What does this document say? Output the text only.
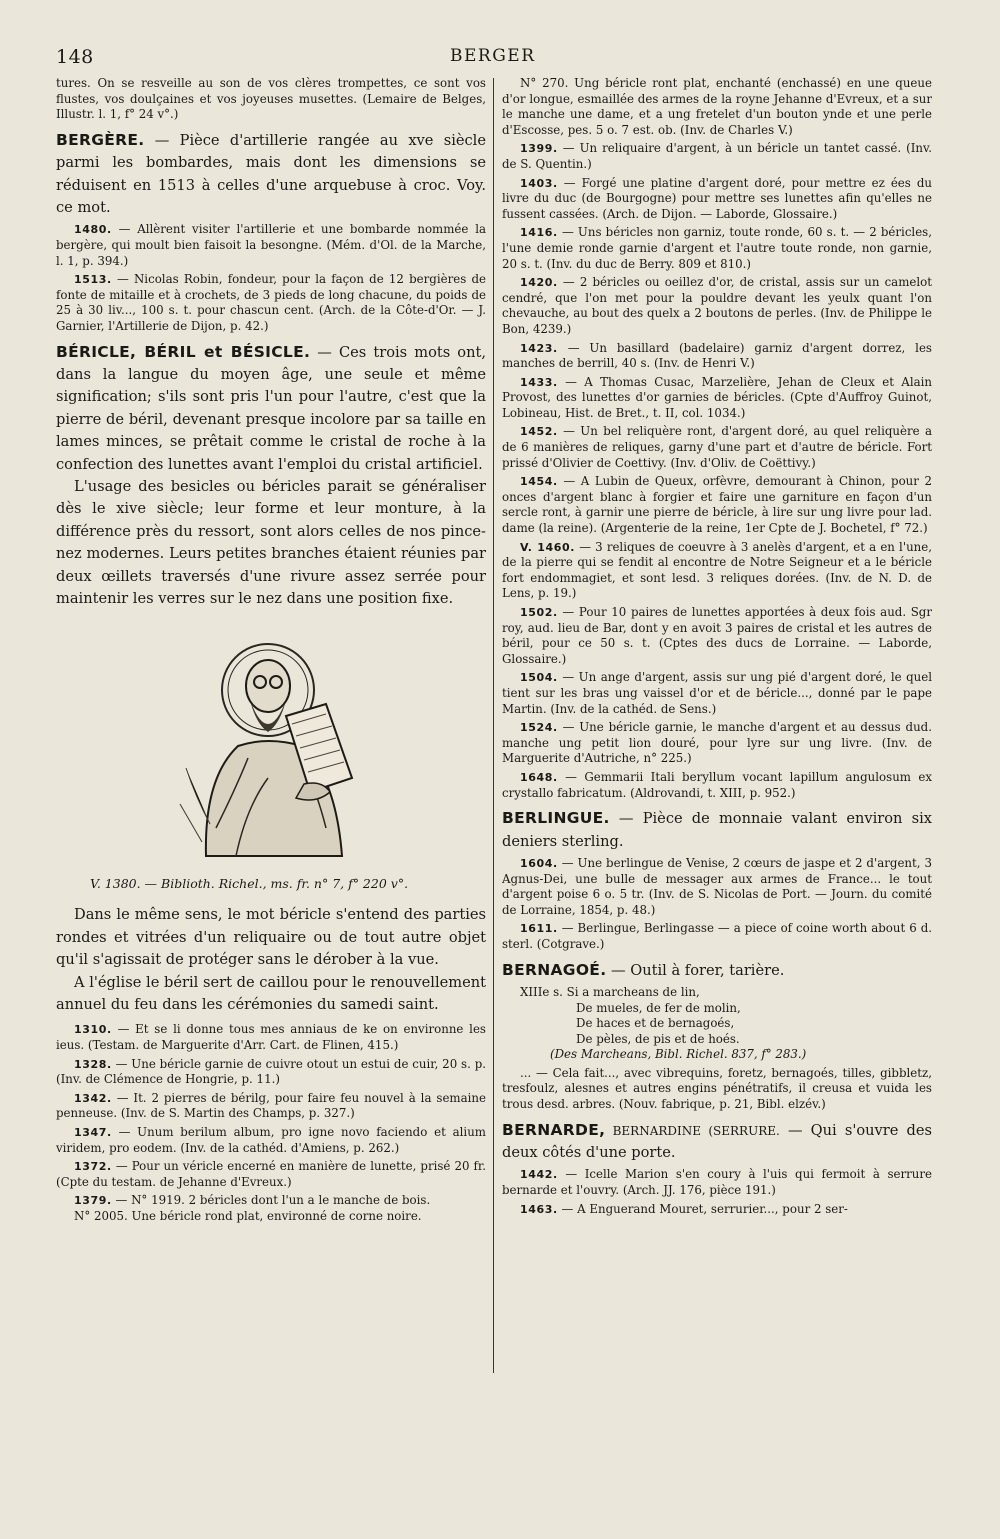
148	BERGER

tures. On se resveille au son de vos clères trompettes, ce sont vos flustes, vos doulçaines et vos joyeuses musettes. (Lemaire de Belges, Illustr. l. 1, f° 24 v°.)

BERGÈRE. — Pièce d'artillerie rangée au xve siècle parmi les bombardes, mais dont les dimensions se réduisent en 1513 à celles d'une arquebuse à croc. Voy. ce mot.

1480. — Allèrent visiter l'artillerie et une bombarde nommée la bergère, qui moult bien faisoit la besongne. (Mém. d'Ol. de la Marche, l. 1, p. 394.)

1513. — Nicolas Robin, fondeur, pour la façon de 12 bergières de fonte de mitaille et à crochets, de 3 pieds de long chacune, du poids de 25 à 30 liv..., 100 s. t. pour chascun cent. (Arch. de la Côte-d'Or. — J. Garnier, l'Artillerie de Dijon, p. 42.)

BÉRICLE, BÉRIL et BÉSICLE. — Ces trois mots ont, dans la langue du moyen âge, une seule et même signification; s'ils sont pris l'un pour l'autre, c'est que la pierre de béril, devenant presque incolore par sa taille en lames minces, se prêtait comme le cristal de roche à la confection des lunettes avant l'emploi du cristal artificiel.

L'usage des besicles ou béricles parait se généraliser dès le xive siècle; leur forme et leur monture, à la différence près du ressort, sont alors celles de nos pince-nez modernes. Leurs petites branches étaient réunies par deux œillets traversés d'une rivure assez serrée pour maintenir les verres sur le nez dans une position fixe.

V. 1380. — Biblioth. Richel., ms. fr. n° 7, f° 220 v°.

Dans le même sens, le mot béricle s'entend des parties rondes et vitrées d'un reliquaire ou de tout autre objet qu'il s'agissait de protéger sans le dérober à la vue.

A l'église le béril sert de caillou pour le renouvellement annuel du feu dans les cérémonies du samedi saint.

1310. — Et se li donne tous mes anniaus de ke on environne les ieus. (Testam. de Marguerite d'Arr. Cart. de Flinen, 415.)

1328. — Une béricle garnie de cuivre otout un estui de cuir, 20 s. p. (Inv. de Clémence de Hongrie, p. 11.)

1342. — It. 2 pierres de bérilg, pour faire feu nouvel à la semaine penneuse. (Inv. de S. Martin des Champs, p. 327.)

1347. — Unum berilum album, pro igne novo faciendo et alium viridem, pro eodem. (Inv. de la cathéd. d'Amiens, p. 262.)

1372. — Pour un véricle encerné en manière de lunette, prisé 20 fr. (Cpte du testam. de Jehanne d'Evreux.)

1379. — N° 1919. 2 béricles dont l'un a le manche de bois.

N° 2005. Une béricle rond plat, environné de corne noire.

N° 270. Ung béricle ront plat, enchanté (enchassé) en une queue d'or longue, esmaillée des armes de la royne Jehanne d'Evreux, et a sur le manche une dame, et a ung fretelet d'un bouton ynde et une perle d'Escosse, pes. 5 o. 7 est. ob. (Inv. de Charles V.)

1399. — Un reliquaire d'argent, à un béricle un tantet cassé. (Inv. de S. Quentin.)

1403. — Forgé une platine d'argent doré, pour mettre ez ées du livre du duc (de Bourgogne) pour mettre ses lunettes afin qu'elles ne fussent cassées. (Arch. de Dijon. — Laborde, Glossaire.)

1416. — Uns béricles non garniz, toute ronde, 60 s. t. — 2 béricles, l'une demie ronde garnie d'argent et l'autre toute ronde, non garnie, 20 s. t. (Inv. du duc de Berry. 809 et 810.)

1420. — 2 béricles ou oeillez d'or, de cristal, assis sur un camelot cendré, que l'on met pour la pouldre devant les yeulx quant l'on chevauche, au bout des quelx a 2 boutons de perles. (Inv. de Philippe le Bon, 4239.)

1423. — Un basillard (badelaire) garniz d'argent dorrez, les manches de berrill, 40 s. (Inv. de Henri V.)

1433. — A Thomas Cusac, Marzelière, Jehan de Cleux et Alain Provost, des lunettes d'or garnies de béricles. (Cpte d'Auffroy Guinot, Lobineau, Hist. de Bret., t. II, col. 1034.)

1452. — Un bel reliquère ront, d'argent doré, au quel reliquère a de 6 manières de reliques, garny d'une part et d'autre de béricle. Fort prissé d'Olivier de Coettivy. (Inv. d'Oliv. de Coëttivy.)

1454. — A Lubin de Queux, orfèvre, demourant à Chinon, pour 2 onces d'argent blanc à forgier et faire une garniture en façon d'un sercle ront, à garnir une pierre de béricle, à lire sur ung livre pour lad. dame (la reine). (Argenterie de la reine, 1er Cpte de J. Bochetel, f° 72.)

V. 1460. — 3 reliques de coeuvre à 3 anelès d'argent, et a en l'une, de la pierre qui se fendit al encontre de Notre Seigneur et a le béricle fort endommagiet, et sont lesd. 3 reliques dorées. (Inv. de N. D. de Lens, p. 19.)

1502. — Pour 10 paires de lunettes apportées à deux fois aud. Sgr roy, aud. lieu de Bar, dont y en avoit 3 paires de cristal et les autres de béril, pour ce 50 s. t. (Cptes des ducs de Lorraine. — Laborde, Glossaire.)

1504. — Un ange d'argent, assis sur ung pié d'argent doré, le quel tient sur les bras ung vaissel d'or et de béricle..., donné par le pape Martin. (Inv. de la cathéd. de Sens.)

1524. — Une béricle garnie, le manche d'argent et au dessus dud. manche ung petit lion douré, pour lyre sur ung livre. (Inv. de Marguerite d'Autriche, n° 225.)

1648. — Gemmarii Itali beryllum vocant lapillum angulosum ex crystallo fabricatum. (Aldrovandi, t. XIII, p. 952.)

BERLINGUE. — Pièce de monnaie valant environ six deniers sterling.

1604. — Une berlingue de Venise, 2 cœurs de jaspe et 2 d'argent, 3 Agnus-Dei, une bulle de messager aux armes de France... le tout d'argent poise 6 o. 5 tr. (Inv. de S. Nicolas de Port. — Journ. du comité de Lorraine, 1854, p. 48.)

1611. — Berlingue, Berlingasse — a piece of coine worth about 6 d. sterl. (Cotgrave.)

BERNAGOÉ. — Outil à forer, tarière.

XIIIe s. Si a marcheans de lin,

De mueles, de fer de molin,

De haces et de bernagoés,

De pèles, de pis et de hoés.

(Des Marcheans, Bibl. Richel. 837, f° 283.)

... — Cela fait..., avec vibrequins, foretz, bernagoés, tilles, gibbletz, tresfoulz, alesnes et autres engins pénétratifs, il creusa et vuida les trous desd. arbres. (Nouv. fabrique, p. 21, Bibl. elzév.)

BERNARDE, BERNARDINE (SERRURE. — Qui s'ouvre des deux côtés d'une porte.

1442. — Icelle Marion s'en coury à l'uis qui fermoit à serrure bernarde et l'ouvry. (Arch. JJ. 176, pièce 191.)

1463. — A Enguerand Mouret, serrurier..., pour 2 ser-
